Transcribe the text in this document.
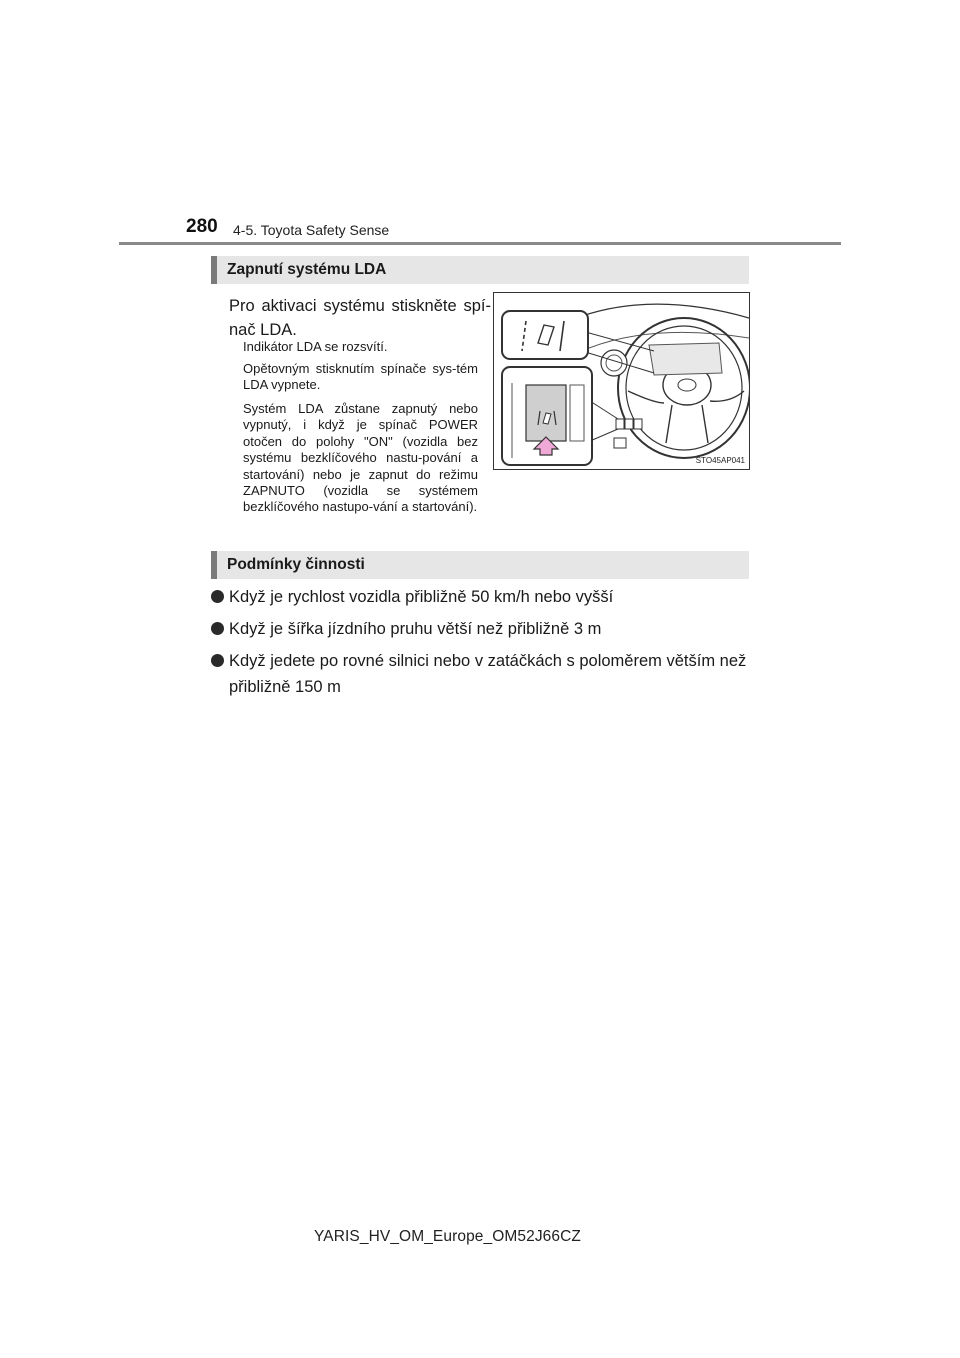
280 4-5. Toyota Safety Sense
Zapnutí systému LDA
Pro aktivaci systému stiskněte spí-nač LDA.

Indikátor LDA se rozsvítí.

Opětovným stisknutím spínače sys-tém LDA vypnete.

Systém LDA zůstane zapnutý nebo vypnutý, i když je spínač POWER otočen do polohy "ON" (vozidla bez systému bezklíčového nastu-pování a startování) nebo je zapnut do režimu ZAPNUTO (vozidla se systémem bezklíčového nastupo-vání a startování).

STO45AP041
Podmínky činnosti
Když je rychlost vozidla přibližně 50 km/h nebo vyšší
Když je šířka jízdního pruhu větší než přibližně 3 m
Když jedete po rovné silnici nebo v zatáčkách s poloměrem větším než přibližně 150 m
YARIS_HV_OM_Europe_OM52J66CZ
